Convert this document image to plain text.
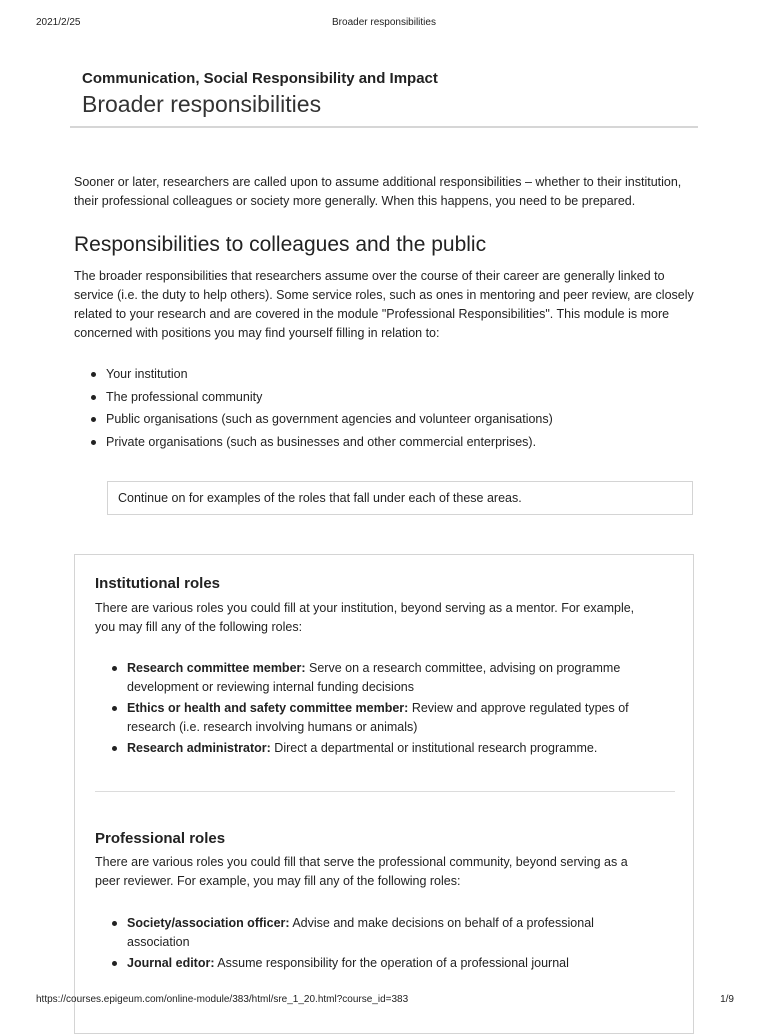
2021/2/25	Broader responsibilities
Communication, Social Responsibility and Impact
Broader responsibilities

Sooner or later, researchers are called upon to assume additional responsibilities – whether to their institution, their professional colleagues or society more generally. When this happens, you need to be prepared.

Responsibilities to colleagues and the public

The broader responsibilities that researchers assume over the course of their career are generally linked to service (i.e. the duty to help others). Some service roles, such as ones in mentoring and peer review, are closely related to your research and are covered in the module "Professional Responsibilities". This module is more concerned with positions you may find yourself filling in relation to:

Your institution
The professional community
Public organisations (such as government agencies and volunteer organisations)
Private organisations (such as businesses and other commercial enterprises).
Continue on for examples of the roles that fall under each of these areas.
Institutional roles

There are various roles you could fill at your institution, beyond serving as a mentor. For example, you may fill any of the following roles:

Research committee member: Serve on a research committee, advising on programme development or reviewing internal funding decisions
Ethics or health and safety committee member: Review and approve regulated types of research (i.e. research involving humans or animals)
Research administrator: Direct a departmental or institutional research programme.
Professional roles

There are various roles you could fill that serve the professional community, beyond serving as a peer reviewer. For example, you may fill any of the following roles:

Society/association officer: Advise and make decisions on behalf of a professional association
Journal editor: Assume responsibility for the operation of a professional journal
https://courses.epigeum.com/online-module/383/html/sre_1_20.html?course_id=383	1/9
